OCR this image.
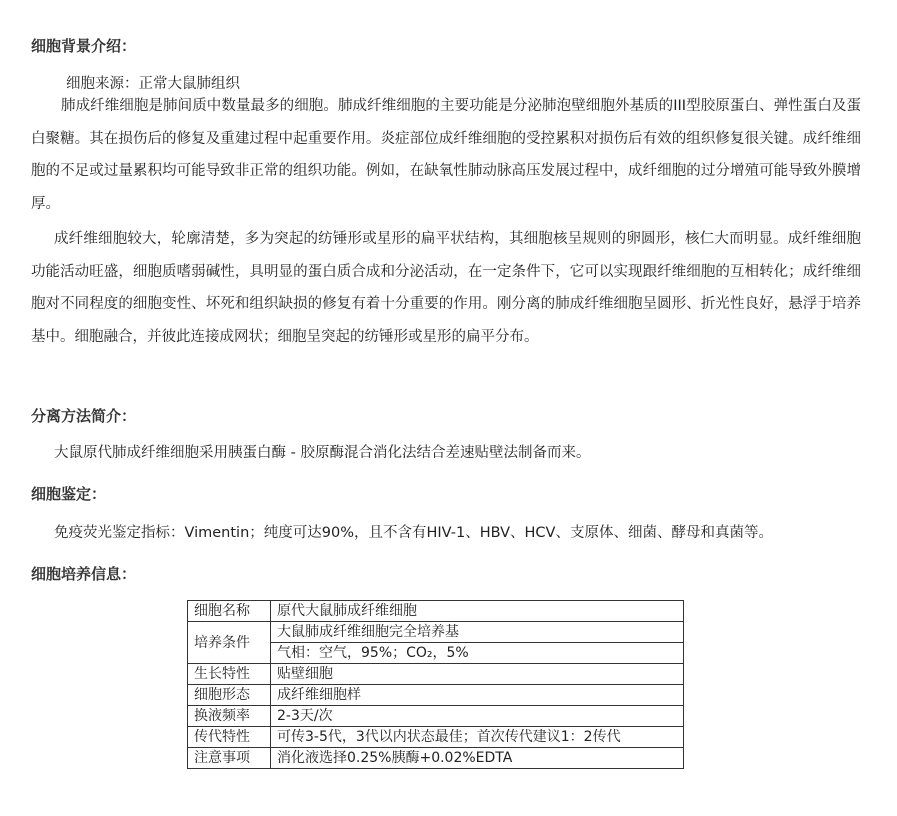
细胞背景介绍：
细胞来源：正常大鼠肺组织
肺成纤维细胞是肺间质中数量最多的细胞。肺成纤维细胞的主要功能是分泌肺泡壁细胞外基质的III型胶原蛋白、弹性蛋白及蛋白聚糖。其在损伤后的修复及重建过程中起重要作用。炎症部位成纤维细胞的受控累积对损伤后有效的组织修复很关键。成纤维细胞的不足或过量累积均可能导致非正常的组织功能。例如，在缺氧性肺动脉高压发展过程中，成纤细胞的过分增殖可能导致外膜增厚。
成纤维细胞较大，轮廓清楚，多为突起的纺锤形或星形的扁平状结构，其细胞核呈规则的卵圆形，核仁大而明显。成纤维细胞功能活动旺盛，细胞质嗜弱碱性，具明显的蛋白质合成和分泌活动，在一定条件下，它可以实现跟纤维细胞的互相转化；成纤维细胞对不同程度的细胞变性、坏死和组织缺损的修复有着十分重要的作用。刚分离的肺成纤维细胞呈圆形、折光性良好，悬浮于培养基中。细胞融合，并彼此连接成网状；细胞呈突起的纺锤形或星形的扁平分布。
分离方法简介：
大鼠原代肺成纤维细胞采用胰蛋白酶 - 胶原酶混合消化法结合差速贴壁法制备而来。
细胞鉴定：
免疫荧光鉴定指标：Vimentin；纯度可达90%，且不含有HIV-1、HBV、HCV、支原体、细菌、酵母和真菌等。
细胞培养信息：
细胞名称	原代大鼠肺成纤维细胞
培养条件	大鼠肺成纤维细胞完全培养基
	气相：空气，95%；CO₂，5%
生长特性	贴壁细胞
细胞形态	成纤维细胞样
换液频率	2-3天/次
传代特性	可传3-5代，3代以内状态最佳；首次传代建议1：2传代
注意事项	消化液选择0.25%胰酶+0.02%EDTA
